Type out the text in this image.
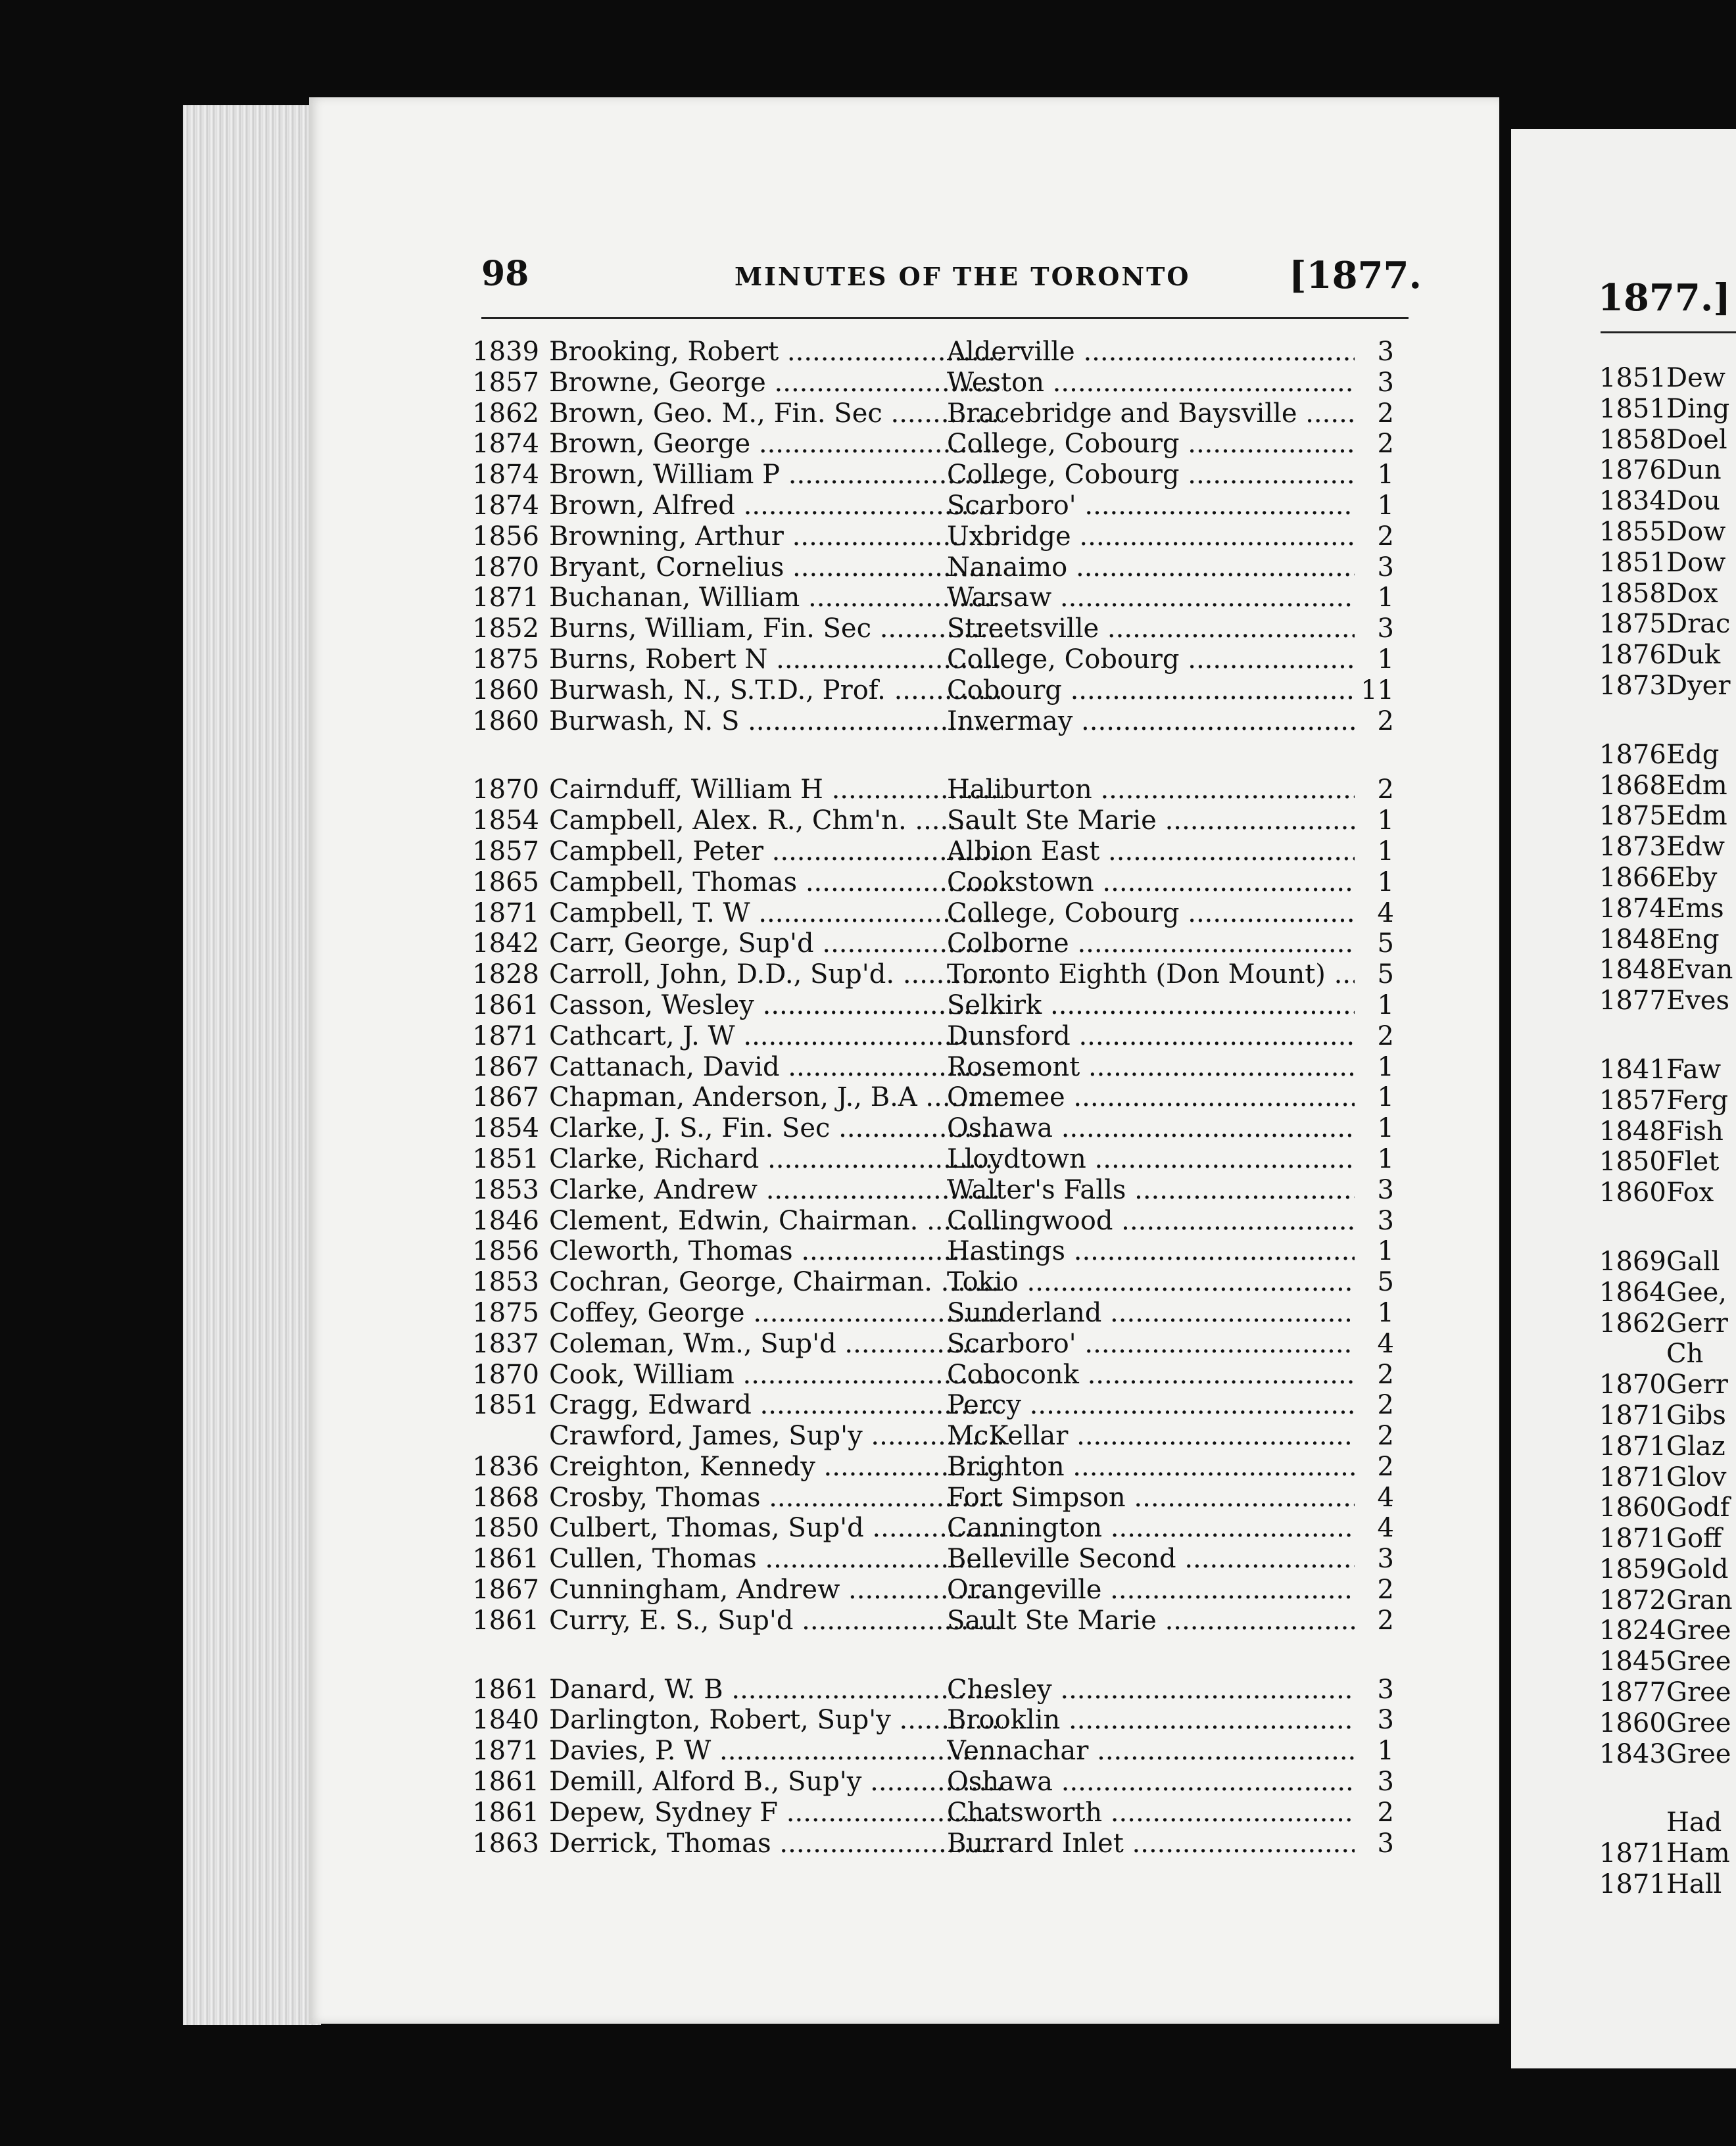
98	MINUTES OF THE TORONTO	[1877.
1839 Brooking, Robert .....	Alderville .....	3
1857 Browne, George .....	Weston .....	3
1862 Brown, Geo. M., Fin. Sec .....	Bracebridge and Baysville .....	2
1874 Brown, George .....	College, Cobourg .....	2
1874 Brown, William P .....	College, Cobourg .....	1
1874 Brown, Alfred .....	Scarboro' .....	1
1856 Browning, Arthur .....	Uxbridge .....	2
1870 Bryant, Cornelius .....	Nanaimo .....	3
1871 Buchanan, William .....	Warsaw .....	1
1852 Burns, William, Fin. Sec .....	Streetsville .....	3
1875 Burns, Robert N .....	College, Cobourg .....	1
1860 Burwash, N., S.T.D., Prof. .....	Cobourg .....	11
1860 Burwash, N. S .....	Invermay .....	2
1870 Cairnduff, William H .....	Haliburton .....	2
1854 Campbell, Alex. R., Chm'n. .....	Sault Ste Marie .....	1
1857 Campbell, Peter .....	Albion East .....	1
1865 Campbell, Thomas .....	Cookstown .....	1
1871 Campbell, T. W .....	College, Cobourg .....	4
1842 Carr, George, Sup'd .....	Colborne .....	5
1828 Carroll, John, D.D., Sup'd. .....	Toronto Eighth (Don Mount) .....	5
1861 Casson, Wesley .....	Selkirk .....	1
1871 Cathcart, J. W .....	Dunsford .....	2
1867 Cattanach, David .....	Rosemont .....	1
1867 Chapman, Anderson, J., B.A .....	Omemee .....	1
1854 Clarke, J. S., Fin. Sec .....	Oshawa .....	1
1851 Clarke, Richard .....	Lloydtown .....	1
1853 Clarke, Andrew .....	Walter's Falls .....	3
1846 Clement, Edwin, Chairman. .....	Collingwood .....	3
1856 Cleworth, Thomas .....	Hastings .....	1
1853 Cochran, George, Chairman. ..... Tokio .....	5
1875 Coffey, George .....	Sunderland .....	1
1837 Coleman, Wm., Sup'd .....	Scarboro' .....	4
1870 Cook, William .....	Coboconk .....	2
1851 Cragg, Edward .....	Percy .....	2
Crawford, James, Sup'y .....	McKellar .....	2
1836 Creighton, Kennedy .....	Brighton .....	2
1868 Crosby, Thomas .....	Fort Simpson .....	4
1850 Culbert, Thomas, Sup'd .....	Cannington .....	4
1861 Cullen, Thomas .....	Belleville Second .....	3
1867 Cunningham, Andrew .....	Orangeville .....	2
1861 Curry, E. S., Sup'd .....	Sault Ste Marie .....	2
1861 Danard, W. B .....	Chesley .....	3
1840 Darlington, Robert, Sup'y .....	Brooklin .....	3
1871 Davies, P. W .....	Vennachar .....	1
1861 Demill, Alford B., Sup'y .....	Oshawa .....	3
1861 Depew, Sydney F .....	Chatsworth .....	2
1863 Derrick, Thomas .....	Burrard Inlet .....	3
1877.]
1851 Dew
1851 Ding
1858 Doel
1876 Dun
1834 Dou
1855 Dow
1851 Dow
1858 Dox
1875 Drac
1876 Duk
1873 Dyer
1876 Edg
1868 Edm
1875 Edm
1873 Edw
1866 Eby
1874 Ems
1848 Eng
1848 Evan
1877 Eves
1841 Faw
1857 Ferg
1848 Fish
1850 Flet
1860 Fox
1869 Gall
1864 Gee,
1862 Gerr
Ch
1870 Gerr
1871 Gibs
1871 Glaz
1871 Glov
1860 Godf
1871 Goff
1859 Gold
1872 Gran
1824 Gree
1845 Gree
1877 Gree
1860 Gree
1843 Gree
Had
1871 Ham
1871 Hall
